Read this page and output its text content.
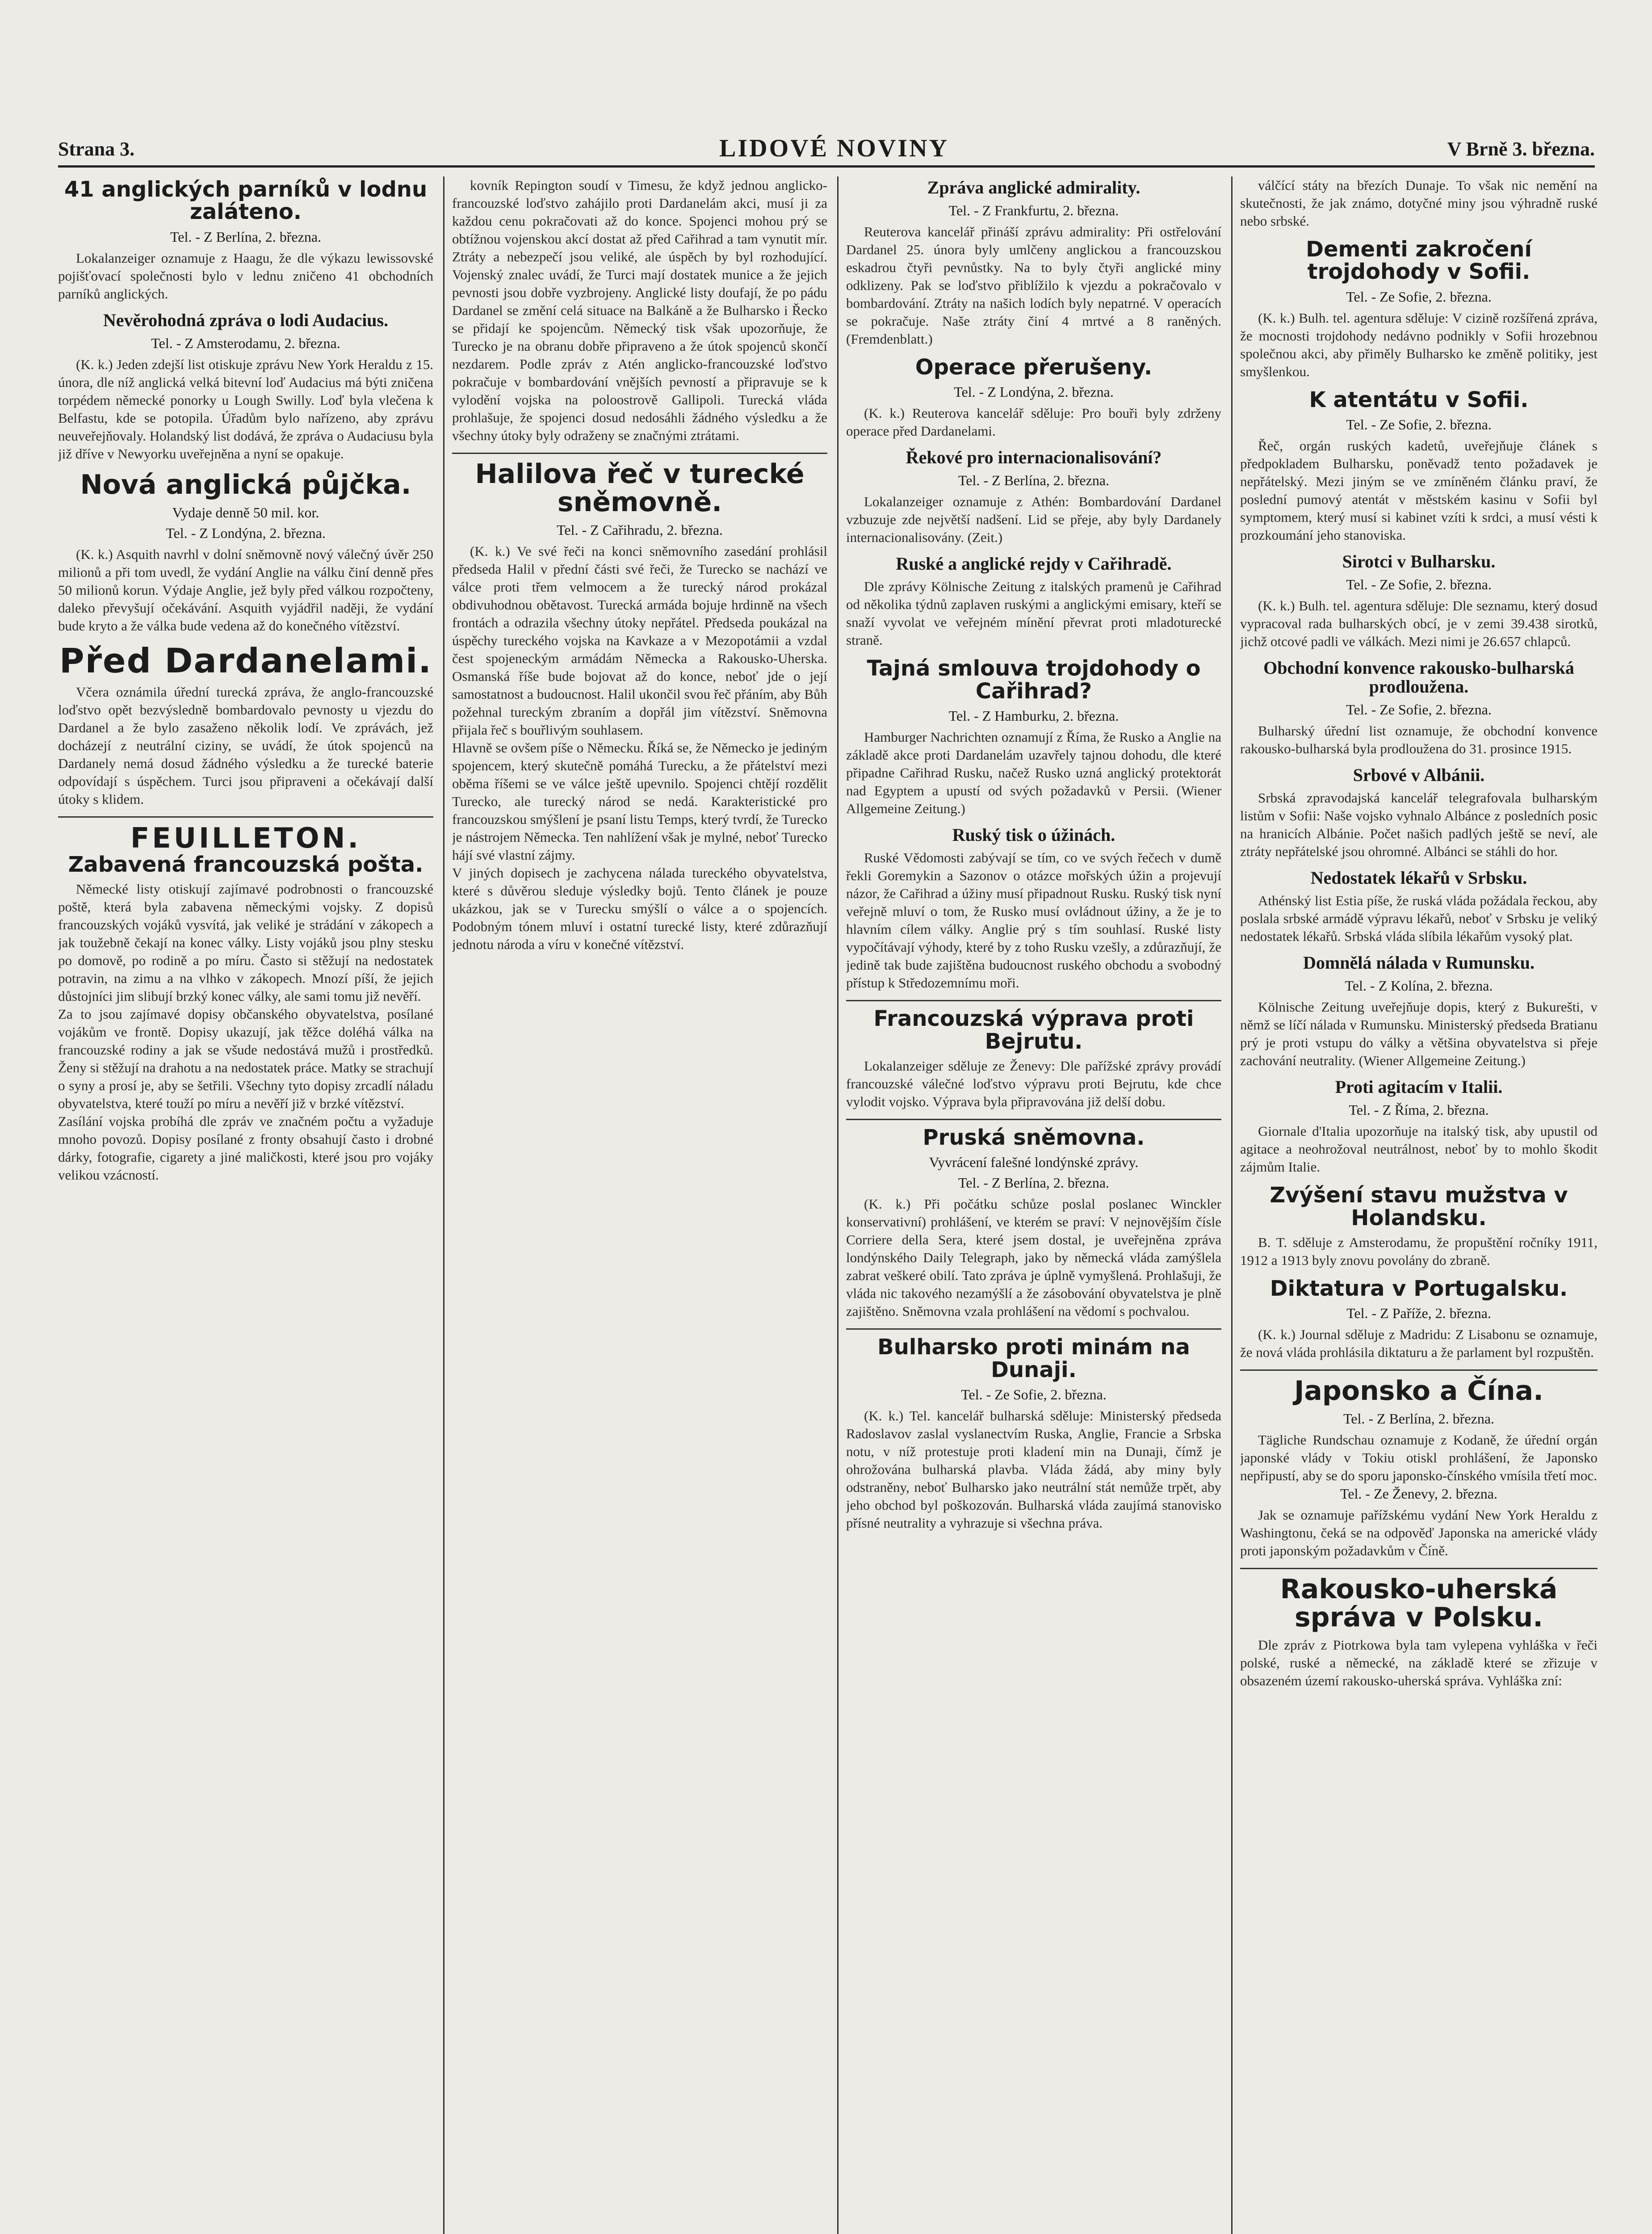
Strana 3.	LIDOVÉ NOVINY	V Brně 3. března.
41 anglických parníků v lodnu zaláteno.
Tel. - Z Berlína, 2. března.
Lokalanzeiger oznamuje z Haagu, že dle výkazu lewissovské pojišťovací společnosti bylo v lednu zničeno 41 obchodních parníků anglických.
Nevěrohodná zpráva o lodi Audacius.
Tel. - Z Amsterodamu, 2. března.
(K. k.) Jeden zdejší list otiskuje zprávu New York Heraldu z 15. února, dle níž anglická velká bitevní loď Audacius má býti zničena torpédem německé ponorky u Lough Swilly. Loď byla vlečena k Belfastu, kde se potopila. Úřadům bylo nařízeno, aby zprávu neuveřejňovaly. Holandský list dodává, že zpráva o Audaciusu byla již dříve v Newyorku uveřejněna a nyní se opakuje.
Nová anglická půjčka.
Vydaje denně 50 mil. kor.
Tel. - Z Londýna, 2. března.
(K. k.) Asquith navrhl v dolní sněmovně nový válečný úvěr 250 milionů a při tom uvedl, že vydání Anglie na válku činí denně přes 50 milionů korun. Výdaje Anglie, jež byly před válkou rozpočteny, daleko převyšují očekávání. Asquith vyjádřil naději, že vydání bude kryto a že válka bude vedena až do konečného vítězství.
Před Dardanelami.
Včera oznámila úřední turecká zpráva, že anglo-francouzské loďstvo opět bezvýsledně bombardovalo pevnosty u vjezdu do Dardanel a že bylo zasaženo několik lodí. Ve zprávách, jež docházejí z neutrální ciziny, se uvádí, že útok spojenců na Dardanely nemá dosud žádného výsledku a že turecké baterie odpovídají s úspěchem. Turci jsou připraveni a očekávají další útoky s klidem.
FEUILLETON.
Zabavená francouzská pošta.
Německé listy otiskují zajímavé podrobnosti o francouzské poště, která byla zabavena německými vojsky. Z dopisů francouzských vojáků vysvítá, jak veliké je strádání v zákopech a jak toužebně čekají na konec války. Listy vojáků jsou plny stesku po domově, po rodině a po míru. Často si stěžují na nedostatek potravin, na zimu a na vlhko v zákopech. Mnozí píší, že jejich důstojníci jim slibují brzký konec války, ale sami tomu již nevěří.
Za to jsou zajímavé dopisy občanského obyvatelstva, posílané vojákům ve frontě. Dopisy ukazují, jak těžce doléhá válka na francouzské rodiny a jak se všude nedostává mužů i prostředků. Ženy si stěžují na drahotu a na nedostatek práce. Matky se strachují o syny a prosí je, aby se šetřili. Všechny tyto dopisy zrcadlí náladu obyvatelstva, které touží po míru a nevěří již v brzké vítězství.
Zasílání vojska probíhá dle zpráv ve značném počtu a vyžaduje mnoho povozů. Dopisy posílané z fronty obsahují často i drobné dárky, fotografie, cigarety a jiné maličkosti, které jsou pro vojáky velikou vzácností.
kovník Repington soudí v Timesu, že když jednou anglicko-francouzské loďstvo zahájilo proti Dardanelám akci, musí ji za každou cenu pokračovati až do konce. Spojenci mohou prý se obtížnou vojenskou akcí dostat až před Cařihrad a tam vynutit mír. Ztráty a nebezpečí jsou veliké, ale úspěch by byl rozhodující. Vojenský znalec uvádí, že Turci mají dostatek munice a že jejich pevnosti jsou dobře vyzbrojeny. Anglické listy doufají, že po pádu Dardanel se změní celá situace na Balkáně a že Bulharsko i Řecko se přidají ke spojencům. Německý tisk však upozorňuje, že Turecko je na obranu dobře připraveno a že útok spojenců skončí nezdarem. Podle zpráv z Atén anglicko-francouzské loďstvo pokračuje v bombardování vnějších pevností a připravuje se k vylodění vojska na poloostrově Gallipoli. Turecká vláda prohlašuje, že spojenci dosud nedosáhli žádného výsledku a že všechny útoky byly odraženy se značnými ztrátami.
Halilova řeč v turecké sněmovně.
Tel. - Z Cařihradu, 2. března.
(K. k.) Ve své řeči na konci sněmovního zasedání prohlásil předseda Halil v přední části své řeči, že Turecko se nachází ve válce proti třem velmocem a že turecký národ prokázal obdivuhodnou obětavost. Turecká armáda bojuje hrdinně na všech frontách a odrazila všechny útoky nepřátel. Předseda poukázal na úspěchy tureckého vojska na Kavkaze a v Mezopotámii a vzdal čest spojeneckým armádám Německa a Rakousko-Uherska. Osmanská říše bude bojovat až do konce, neboť jde o její samostatnost a budoucnost. Halil ukončil svou řeč přáním, aby Bůh požehnal tureckým zbraním a dopřál jim vítězství. Sněmovna přijala řeč s bouřlivým souhlasem.
Hlavně se ovšem píše o Německu. Říká se, že Německo je jediným spojencem, který skutečně pomáhá Turecku, a že přátelství mezi oběma říšemi se ve válce ještě upevnilo. Spojenci chtějí rozdělit Turecko, ale turecký národ se nedá. Karakteristické pro francouzskou smýšlení je psaní listu Temps, který tvrdí, že Turecko je nástrojem Německa. Ten nahlížení však je mylné, neboť Turecko hájí své vlastní zájmy.
V jiných dopisech je zachycena nálada tureckého obyvatelstva, které s důvěrou sleduje výsledky bojů. Tento článek je pouze ukázkou, jak se v Turecku smýšlí o válce a o spojencích. Podobným tónem mluví i ostatní turecké listy, které zdůrazňují jednotu národa a víru v konečné vítězství.
Zpráva anglické admirality.
Tel. - Z Frankfurtu, 2. března.
Reuterova kancelář přináší zprávu admirality: Při ostřelování Dardanel 25. února byly umlčeny anglickou a francouzskou eskadrou čtyři pevnůstky. Na to byly čtyři anglické miny odklizeny. Pak se loďstvo přiblížilo k vjezdu a pokračovalo v bombardování. Ztráty na našich lodích byly nepatrné. V operacích se pokračuje. Naše ztráty činí 4 mrtvé a 8 raněných. (Fremdenblatt.)
Operace přerušeny.
Tel. - Z Londýna, 2. března.
(K. k.) Reuterova kancelář sděluje: Pro bouři byly zdrženy operace před Dardanelami.
Řekové pro internacionalisování?
Tel. - Z Berlína, 2. března.
Lokalanzeiger oznamuje z Athén: Bombardování Dardanel vzbuzuje zde největší nadšení. Lid se přeje, aby byly Dardanely internacionalisovány. (Zeit.)
Ruské a anglické rejdy v Cařihradě.
Dle zprávy Kölnische Zeitung z italských pramenů je Cařihrad od několika týdnů zaplaven ruskými a anglickými emisary, kteří se snaží vyvolat ve veřejném mínění převrat proti mladoturecké straně.
Tajná smlouva trojdohody o Cařihrad?
Tel. - Z Hamburku, 2. března.
Hamburger Nachrichten oznamují z Říma, že Rusko a Anglie na základě akce proti Dardanelám uzavřely tajnou dohodu, dle které připadne Cařihrad Rusku, načež Rusko uzná anglický protektorát nad Egyptem a upustí od svých požadavků v Persii. (Wiener Allgemeine Zeitung.)
Ruský tisk o úžinách.
Ruské Vědomosti zabývají se tím, co ve svých řečech v dumě řekli Goremykin a Sazonov o otázce mořských úžin a projevují názor, že Cařihrad a úžiny musí připadnout Rusku. Ruský tisk nyní veřejně mluví o tom, že Rusko musí ovládnout úžiny, a že je to hlavním cílem války. Anglie prý s tím souhlasí. Ruské listy vypočítávají výhody, které by z toho Rusku vzešly, a zdůrazňují, že jedině tak bude zajištěna budoucnost ruského obchodu a svobodný přístup k Středozemnímu moři.
Francouzská výprava proti Bejrutu.
Lokalanzeiger sděluje ze Ženevy: Dle pařížské zprávy provádí francouzské válečné loďstvo výpravu proti Bejrutu, kde chce vylodit vojsko. Výprava byla připravována již delší dobu.
Pruská sněmovna.
Vyvrácení falešné londýnské zprávy.
Tel. - Z Berlína, 2. března.
(K. k.) Při počátku schůze poslal poslanec Winckler konservativní) prohlášení, ve kterém se praví: V nejnovějším čísle Corriere della Sera, které jsem dostal, je uveřejněna zpráva londýnského Daily Telegraph, jako by německá vláda zamýšlela zabrat veškeré obilí. Tato zpráva je úplně vymyšlená. Prohlašuji, že vláda nic takového nezamýšlí a že zásobování obyvatelstva je plně zajištěno. Sněmovna vzala prohlášení na vědomí s pochvalou.
Bulharsko proti minám na Dunaji.
Tel. - Ze Sofie, 2. března.
(K. k.) Tel. kancelář bulharská sděluje: Ministerský předseda Radoslavov zaslal vyslanectvím Ruska, Anglie, Francie a Srbska notu, v níž protestuje proti kladení min na Dunaji, čímž je ohrožována bulharská plavba. Vláda žádá, aby miny byly odstraněny, neboť Bulharsko jako neutrální stát nemůže trpět, aby jeho obchod byl poškozován. Bulharská vláda zaujímá stanovisko přísné neutrality a vyhrazuje si všechna práva.
válčící státy na březích Dunaje. To však nic nemění na skutečnosti, že jak známo, dotyčné miny jsou výhradně ruské nebo srbské.
Dementi zakročení trojdohody v Sofii.
Tel. - Ze Sofie, 2. března.
(K. k.) Bulh. tel. agentura sděluje: V cizině rozšířená zpráva, že mocnosti trojdohody nedávno podnikly v Sofii hrozebnou společnou akci, aby přiměly Bulharsko ke změně politiky, jest smyšlenkou.
K atentátu v Sofii.
Tel. - Ze Sofie, 2. března.
Řeč, orgán ruských kadetů, uveřejňuje článek s předpokladem Bulharsku, poněvadž tento požadavek je nepřátelský. Mezi jiným se ve zmíněném článku praví, že poslední pumový atentát v městském kasinu v Sofii byl symptomem, který musí si kabinet vzíti k srdci, a musí vésti k prozkoumání jeho stanoviska.
Sirotci v Bulharsku.
Tel. - Ze Sofie, 2. března.
(K. k.) Bulh. tel. agentura sděluje: Dle seznamu, který dosud vypracoval rada bulharských obcí, je v zemi 39.438 sirotků, jichž otcové padli ve válkách. Mezi nimi je 26.657 chlapců.
Obchodní konvence rakousko-bulharská prodloužena.
Tel. - Ze Sofie, 2. března.
Bulharský úřední list oznamuje, že obchodní konvence rakousko-bulharská byla prodloužena do 31. prosince 1915.
Srbové v Albánii.
Srbská zpravodajská kancelář telegrafovala bulharským listům v Sofii: Naše vojsko vyhnalo Albánce z posledních posic na hranicích Albánie. Počet našich padlých ještě se neví, ale ztráty nepřátelské jsou ohromné. Albánci se stáhli do hor.
Nedostatek lékařů v Srbsku.
Athénský list Estia píše, že ruská vláda požádala řeckou, aby poslala srbské armádě výpravu lékařů, neboť v Srbsku je veliký nedostatek lékařů. Srbská vláda slíbila lékařům vysoký plat.
Domnělá nálada v Rumunsku.
Tel. - Z Kolína, 2. března.
Kölnische Zeitung uveřejňuje dopis, který z Bukurešti, v němž se líčí nálada v Rumunsku. Ministerský předseda Bratianu prý je proti vstupu do války a většina obyvatelstva si přeje zachování neutrality. (Wiener Allgemeine Zeitung.)
Proti agitacím v Italii.
Tel. - Z Říma, 2. března.
Giornale d'Italia upozorňuje na italský tisk, aby upustil od agitace a neohrožoval neutrálnost, neboť by to mohlo škodit zájmům Italie.
Zvýšení stavu mužstva v Holandsku.
B. T. sděluje z Amsterodamu, že propuštění ročníky 1911, 1912 a 1913 byly znovu povolány do zbraně.
Diktatura v Portugalsku.
Tel. - Z Paříže, 2. března.
(K. k.) Journal sděluje z Madridu: Z Lisabonu se oznamuje, že nová vláda prohlásila diktaturu a že parlament byl rozpuštěn.
Japonsko a Čína.
Tel. - Z Berlína, 2. března.
Tägliche Rundschau oznamuje z Kodaně, že úřední orgán japonské vlády v Tokiu otiskl prohlášení, že Japonsko nepřipustí, aby se do sporu japonsko-čínského vmísila třetí moc.
Tel. - Ze Ženevy, 2. března.
Jak se oznamuje pařížskému vydání New York Heraldu z Washingtonu, čeká se na odpověď Japonska na americké vlády proti japonským požadavkům v Číně.
Rakousko-uherská správa v Polsku.
Dle zpráv z Piotrkowa byla tam vylepena vyhláška v řeči polské, ruské a německé, na základě které se zřizuje v obsazeném území rakousko-uherská správa. Vyhláška zní:
